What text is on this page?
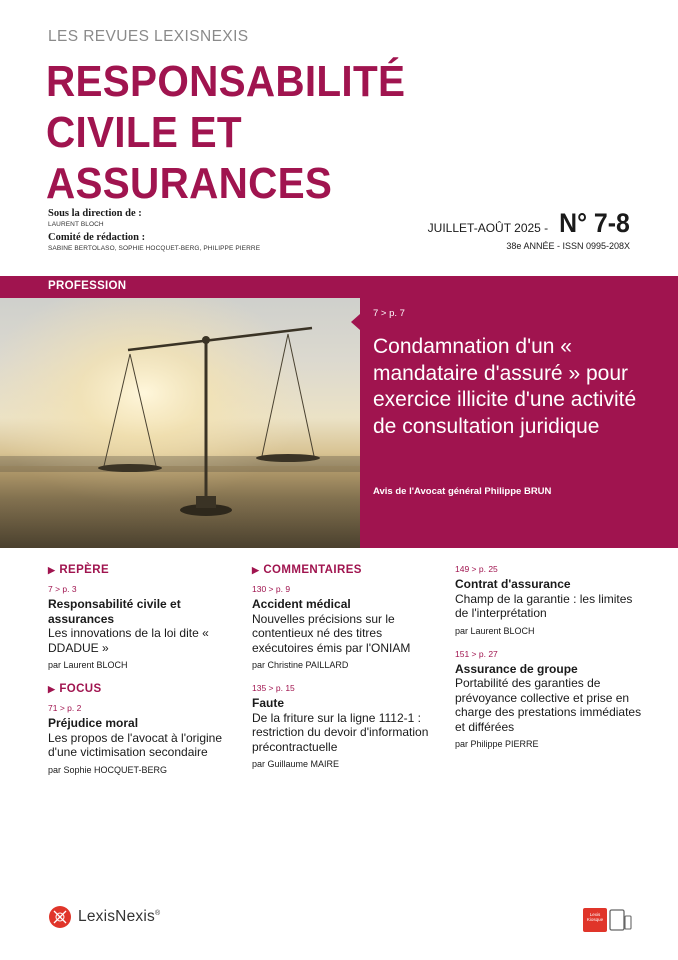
LES REVUES LEXISNEXIS
RESPONSABILITÉ
CIVILE ET
ASSURANCES
Sous la direction de :
LAURENT BLOCH
Comité de rédaction :
SABINE BERTOLASO, SOPHIE HOCQUET-BERG, PHILIPPE PIERRE
JUILLET-AOÛT 2025 - N° 7-8
38e ANNÉE - ISSN 0995-208X
PROFESSION
7 > p. 7
Condamnation d'un « mandataire d'assuré » pour exercice illicite d'une activité de consultation juridique
Avis de l'Avocat général Philippe BRUN
▶ REPÈRE
7 > p. 3
Responsabilité civile et assurances
Les innovations de la loi dite « DDADUE »
par Laurent BLOCH
▶ FOCUS
71 > p. 2
Préjudice moral
Les propos de l'avocat à l'origine d'une victimisation secondaire
par Sophie HOCQUET-BERG
▶ COMMENTAIRES
130 > p. 9
Accident médical
Nouvelles précisions sur le contentieux né des titres exécutoires émis par l'ONIAM
par Christine PAILLARD
135 > p. 15
Faute
De la friture sur la ligne 1112-1 : restriction du devoir d'information précontractuelle
par Guillaume MAIRE
149 > p. 25
Contrat d'assurance
Champ de la garantie : les limites de l'interprétation
par Laurent BLOCH
151 > p. 27
Assurance de groupe
Portabilité des garanties de prévoyance collective et prise en charge des prestations immédiates et différées
par Philippe PIERRE
LexisNexis®	Lexis Kiosque
